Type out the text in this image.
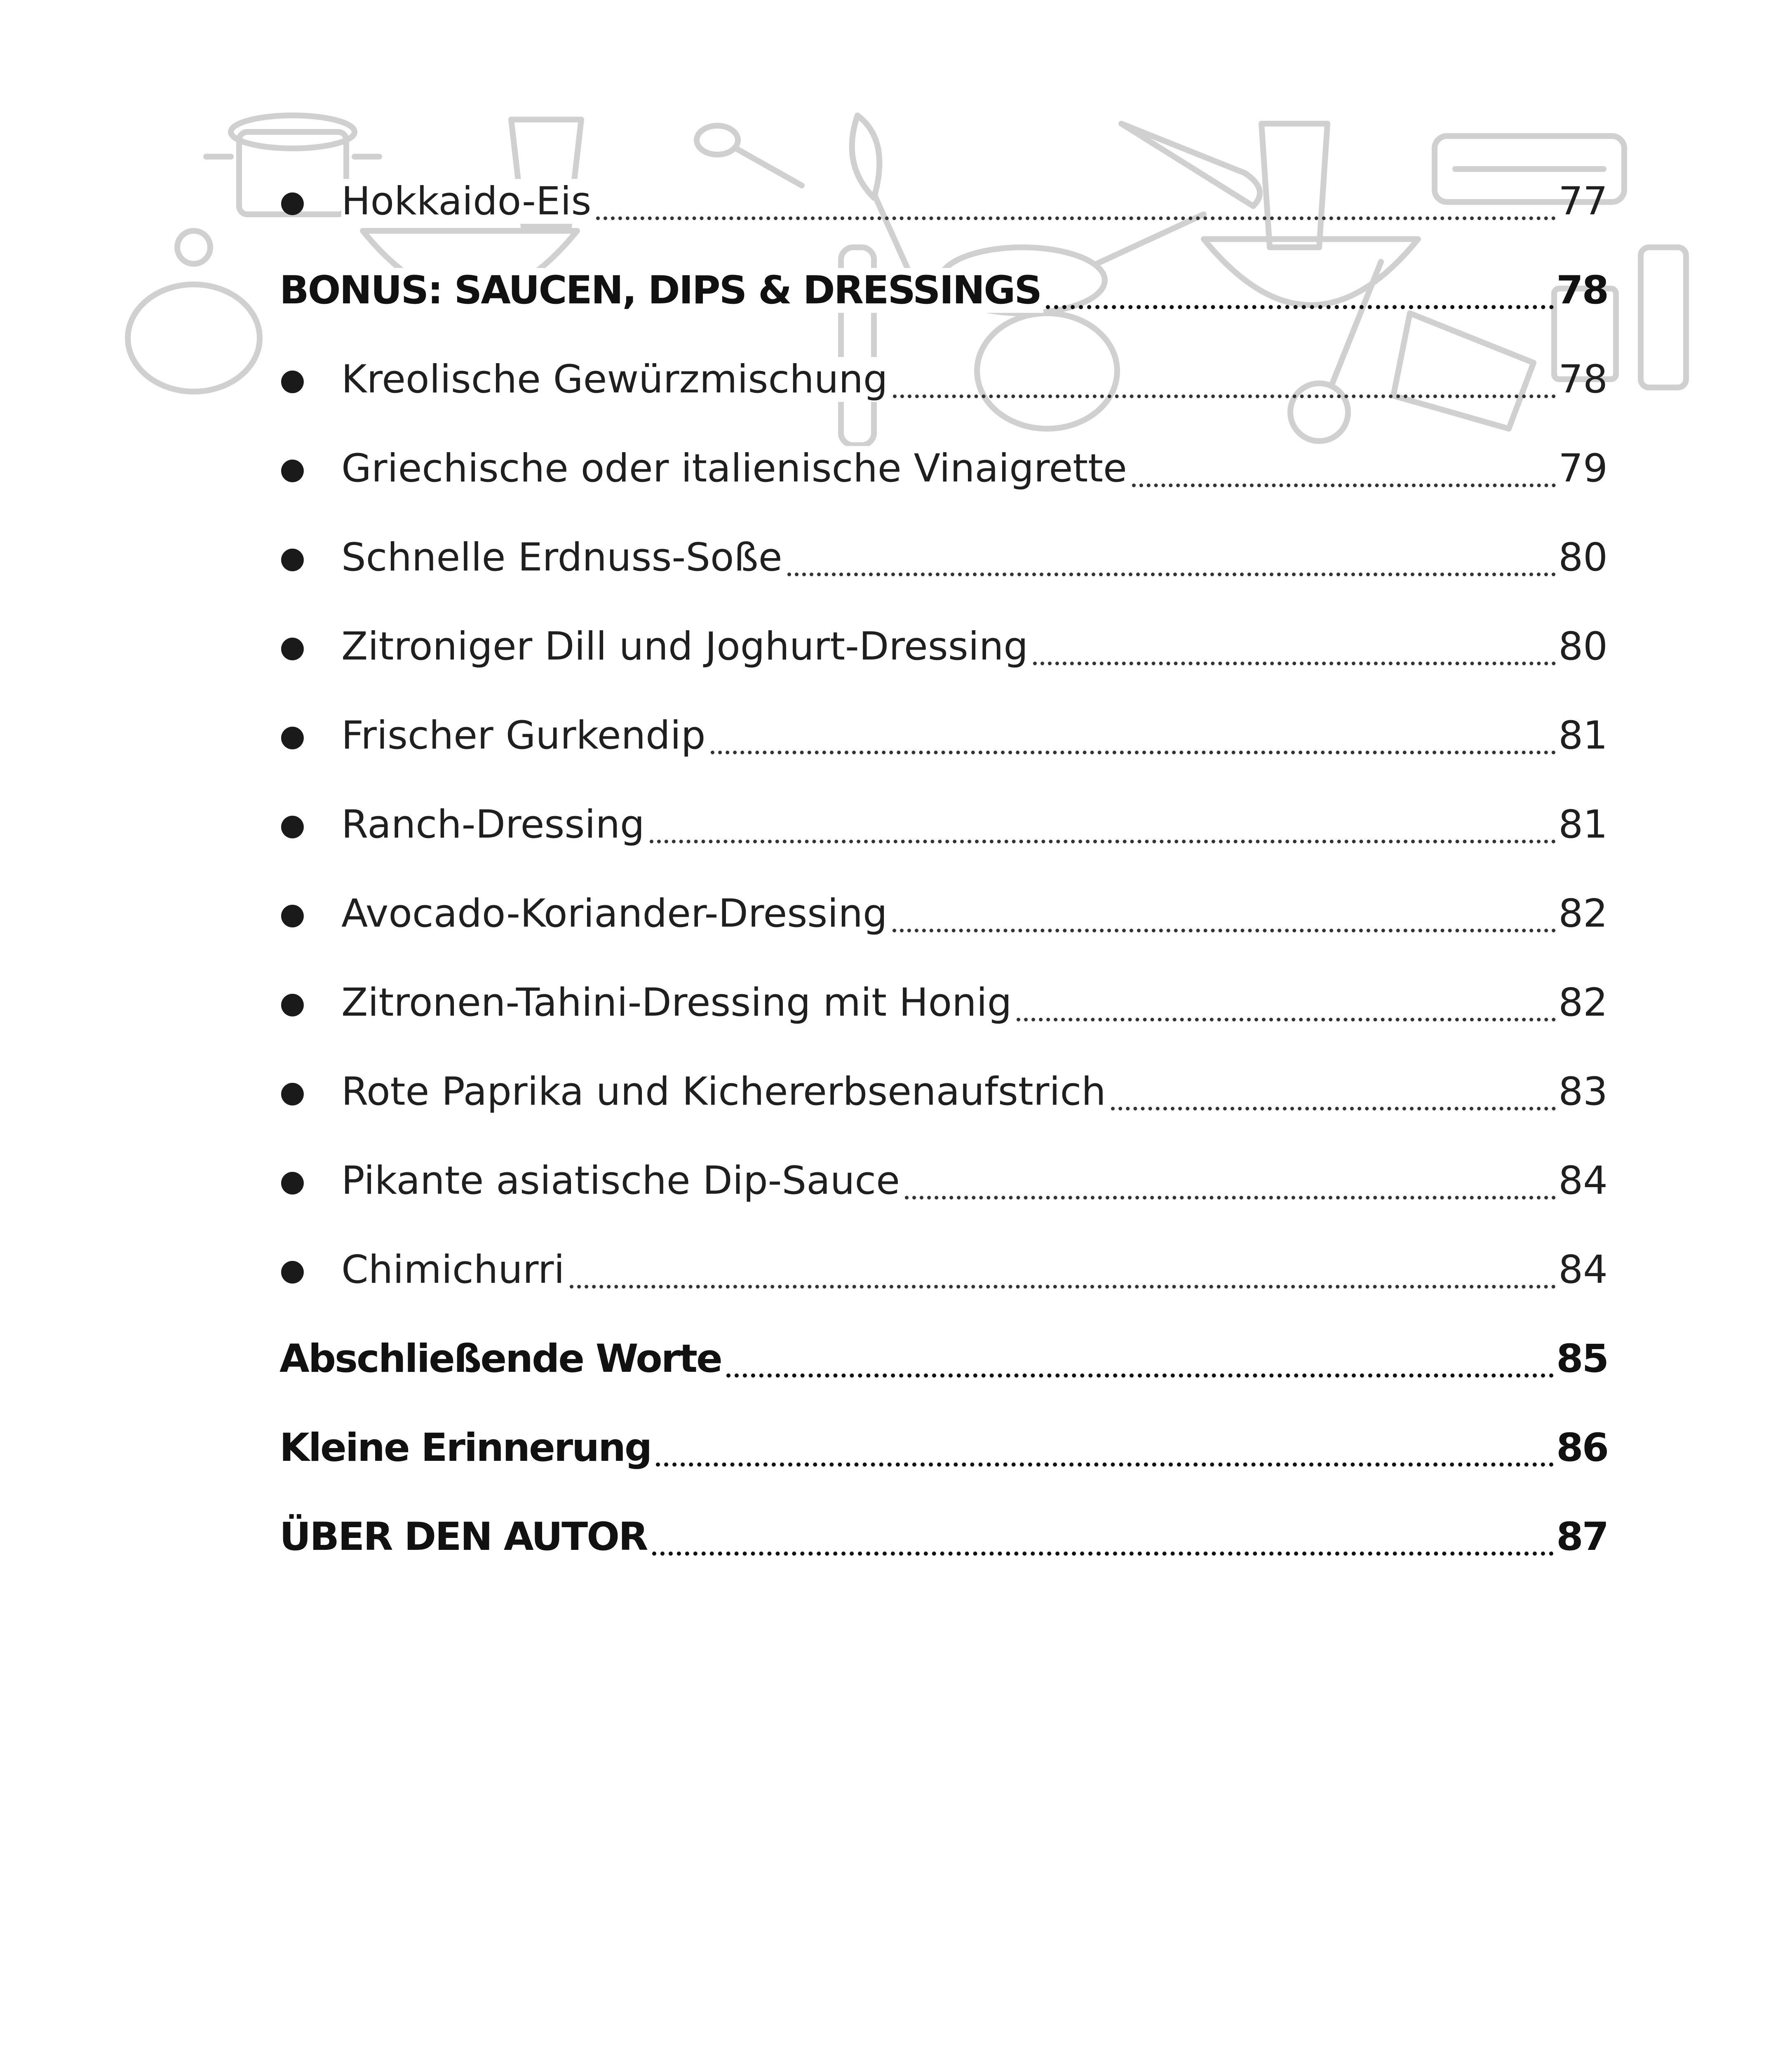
● Hokkaido-Eis	77
BONUS: SAUCEN, DIPS & DRESSINGS	78
● Kreolische Gewürzmischung	78
● Griechische oder italienische Vinaigrette	79
● Schnelle Erdnuss-Soße	80
● Zitroniger Dill und Joghurt-Dressing	80
● Frischer Gurkendip	81
● Ranch-Dressing	81
● Avocado-Koriander-Dressing	82
● Zitronen-Tahini-Dressing mit Honig	82
● Rote Paprika und Kichererbsenaufstrich	83
● Pikante asiatische Dip-Sauce	84
● Chimichurri	84
Abschließende Worte	85
Kleine Erinnerung	86
ÜBER DEN AUTOR	87
